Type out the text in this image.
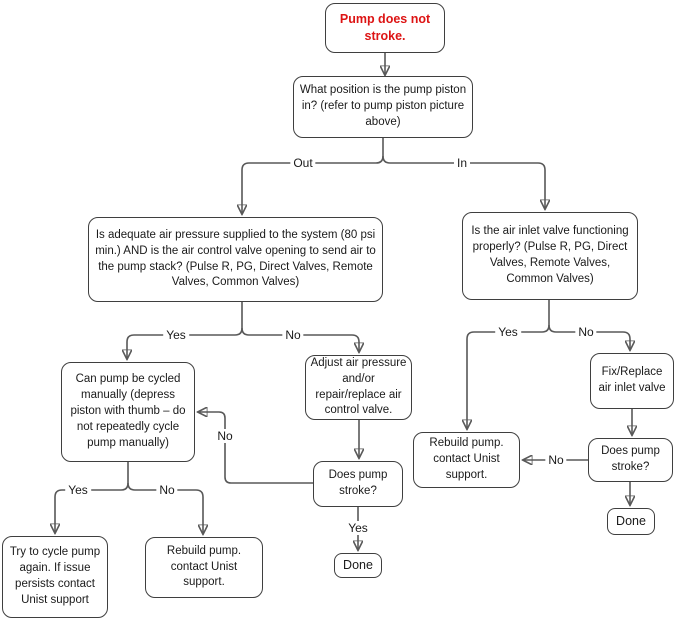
Pump does not stroke.
What position is the pump piston in? (refer to pump piston picture above)
Is adequate air pressure supplied to the system (80 psi min.) AND is the air control valve opening to send air to the pump stack? (Pulse R, PG, Direct Valves, Remote Valves, Common Valves)
Is the air inlet valve functioning properly? (Pulse R, PG, Direct Valves, Remote Valves, Common Valves)
Can pump be cycled manually (depress piston with thumb – do not repeatedly cycle pump manually)
Adjust air pressure and/or repair/replace air control valve.
Does pump stroke?
Done
Try to cycle pump again. If issue persists contact Unist support
Rebuild pump. contact Unist support.
Rebuild pump. contact Unist support.
Fix/Replace air inlet valve
Does pump stroke?
Done
Out	In
Yes	No
No
Yes
Yes	No
Yes	No
No
